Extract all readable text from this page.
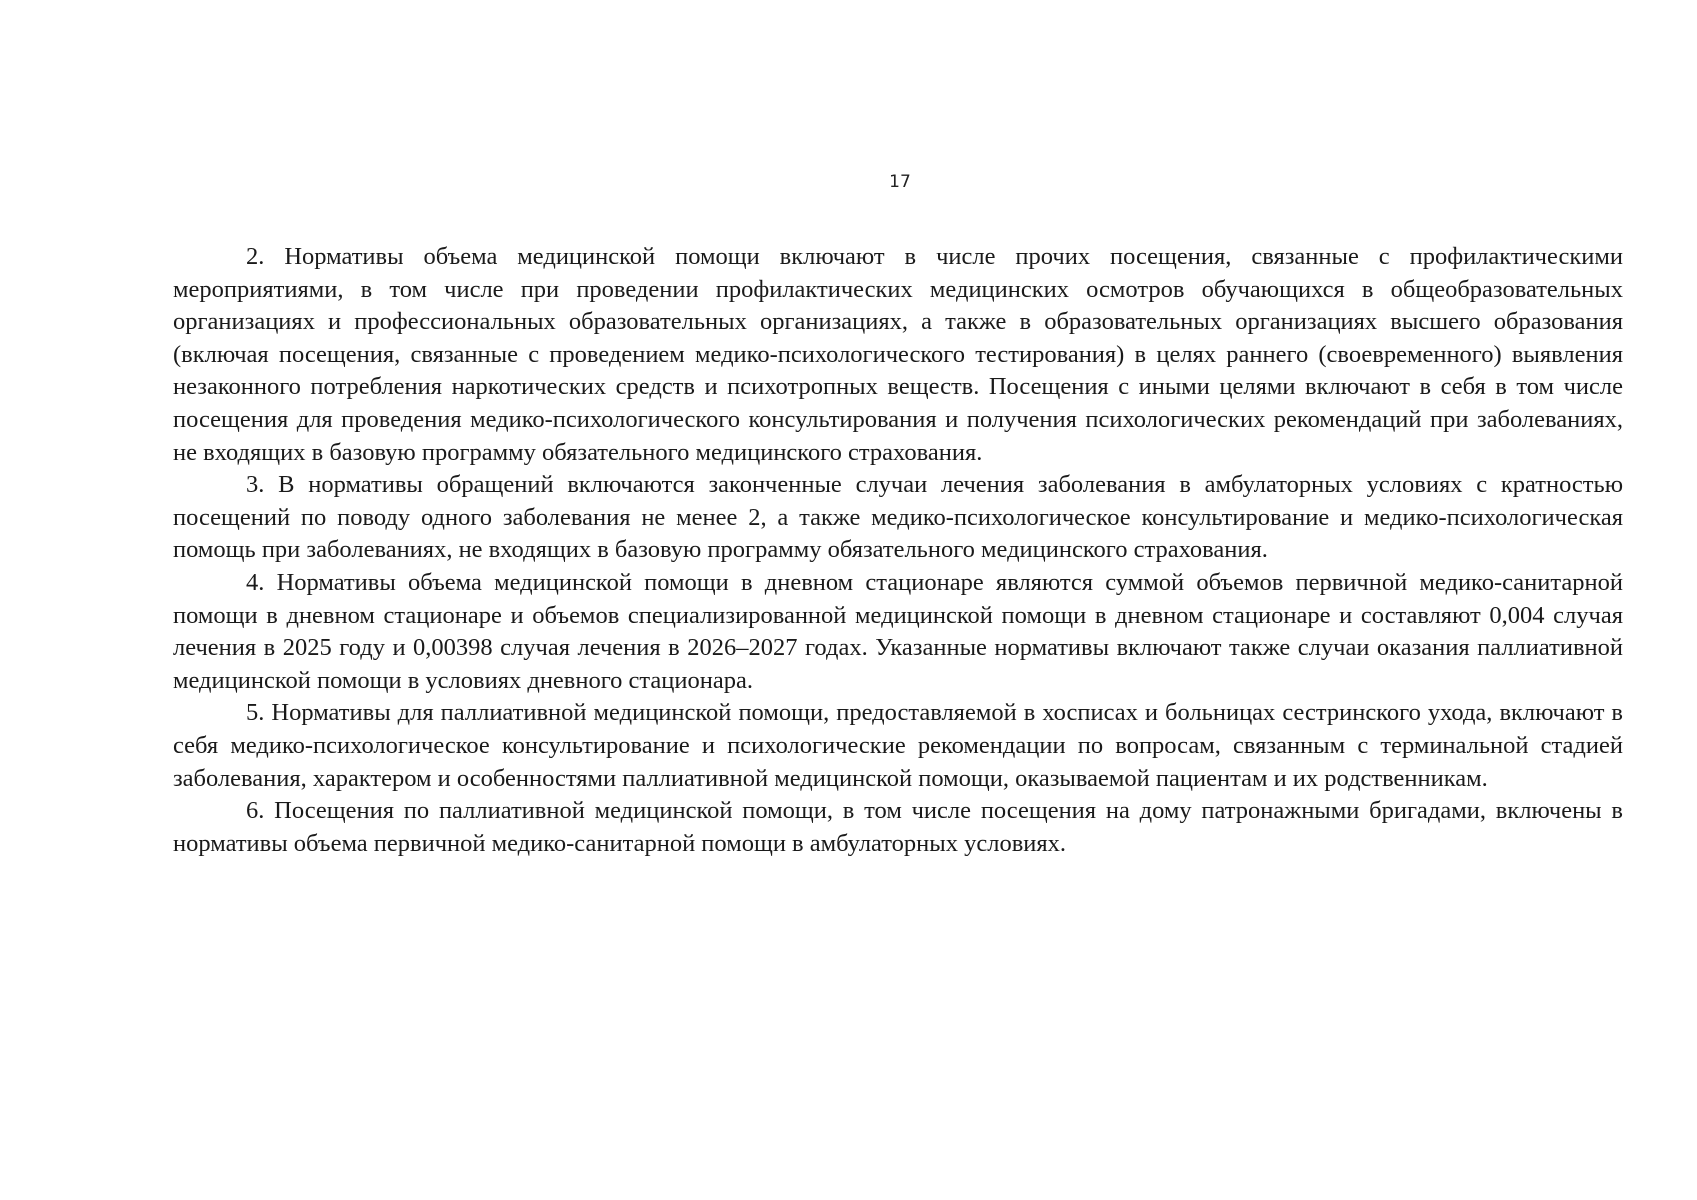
17

2. Нормативы объема медицинской помощи включают в числе прочих посещения, связанные с профилактическими мероприятиями, в том числе при проведении профилактических медицинских осмотров обучающихся в общеобразовательных организациях и профессиональных образовательных организациях, а также в образовательных организациях высшего образования (включая посещения, связанные с проведением медико-психологического тестирования) в целях раннего (своевременного) выявления незаконного потребления наркотических средств и психотропных веществ. Посещения с иными целями включают в себя в том числе посещения для проведения медико-психологического консультирования и получения психологических рекомендаций при заболеваниях, не входящих в базовую программу обязательного медицинского страхования.

3. В нормативы обращений включаются законченные случаи лечения заболевания в амбулаторных условиях с кратностью посещений по поводу одного заболевания не менее 2, а также медико-психологическое консультирование и медико-психологическая помощь при заболеваниях, не входящих в базовую программу обязательного медицинского страхования.

4. Нормативы объема медицинской помощи в дневном стационаре являются суммой объемов первичной медико-санитарной помощи в дневном стационаре и объемов специализированной медицинской помощи в дневном стационаре и составляют 0,004 случая лечения в 2025 году и 0,00398 случая лечения в 2026–2027 годах. Указанные нормативы включают также случаи оказания паллиативной медицинской помощи в условиях дневного стационара.

5. Нормативы для паллиативной медицинской помощи, предоставляемой в хосписах и больницах сестринского ухода, включают в себя медико-психологическое консультирование и психологические рекомендации по вопросам, связанным с терминальной стадией заболевания, характером и особенностями паллиативной медицинской помощи, оказываемой пациентам и их родственникам.

6. Посещения по паллиативной медицинской помощи, в том числе посещения на дому патронажными бригадами, включены в нормативы объема первичной медико-санитарной помощи в амбулаторных условиях.
